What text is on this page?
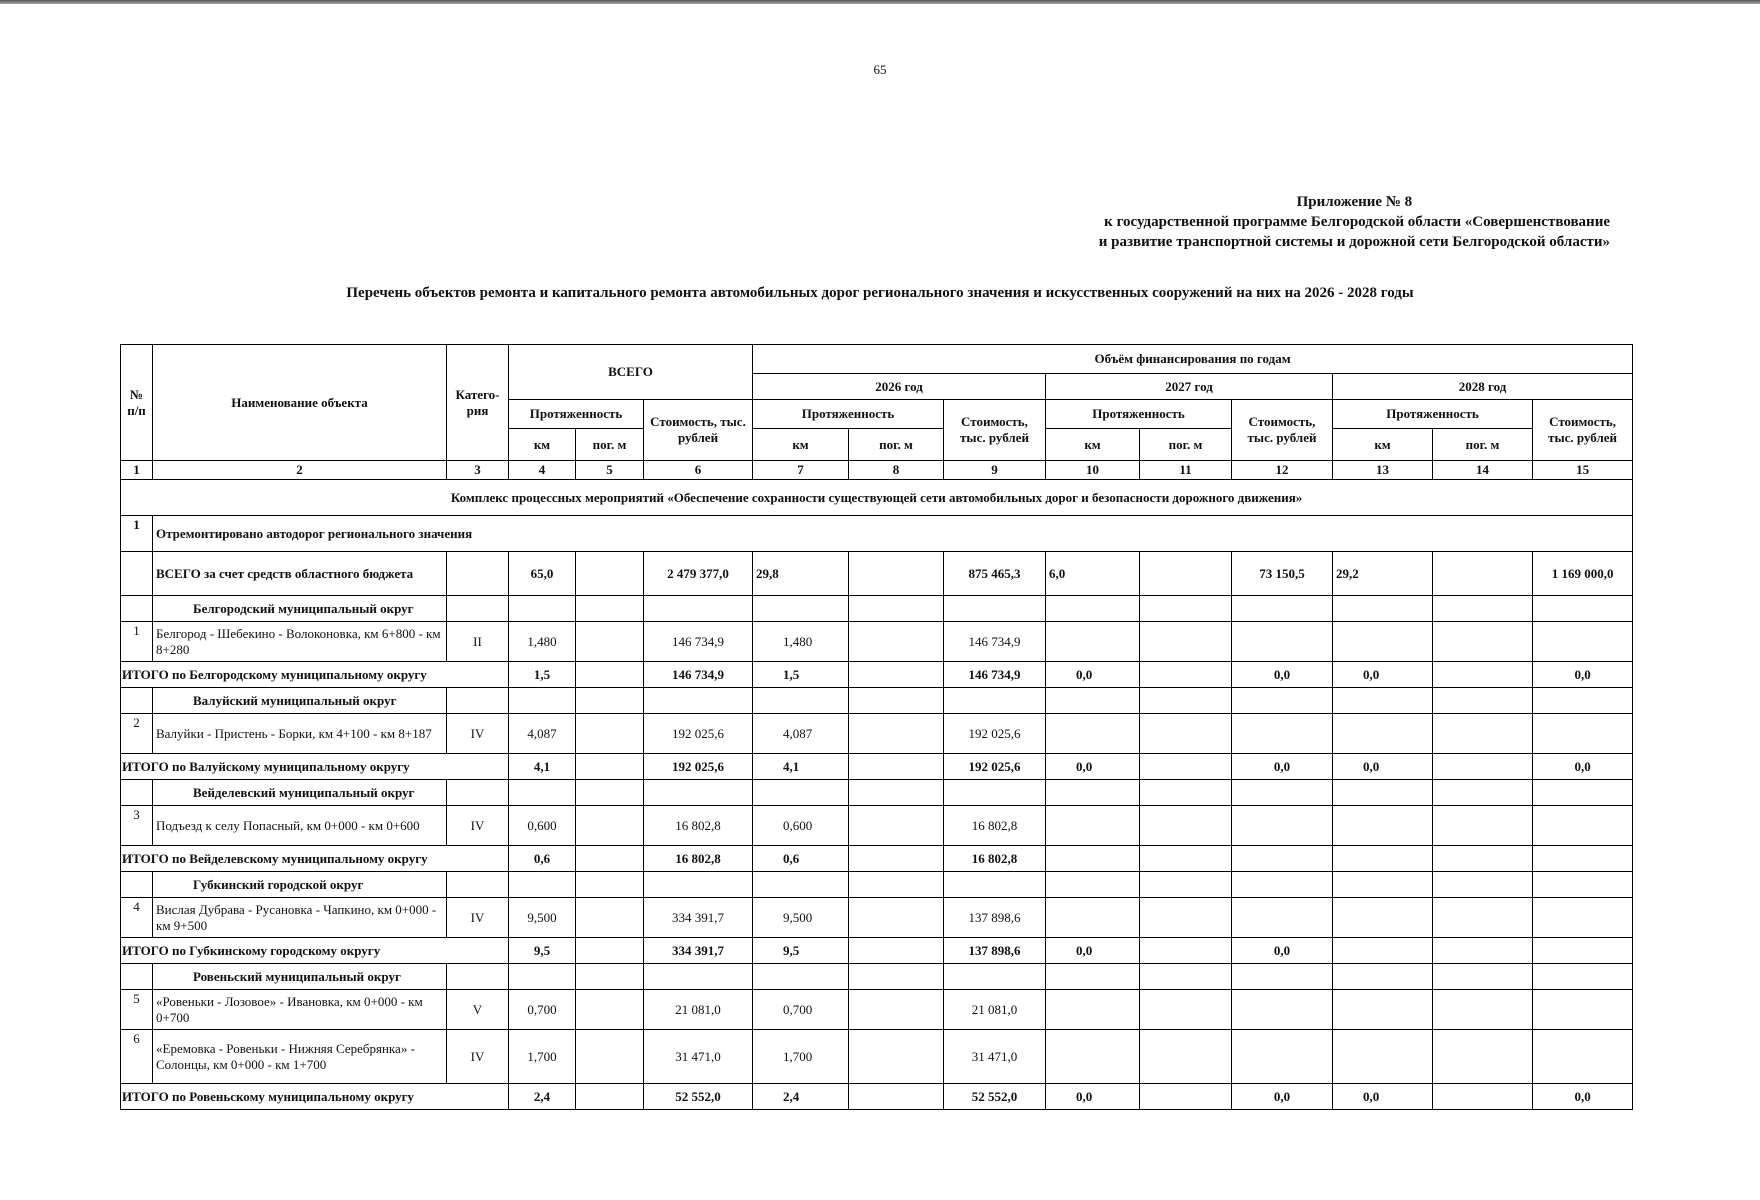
65
Приложение № 8
к государственной программе Белгородской области «Совершенствование
и развитие транспортной системы и дорожной сети Белгородской области»
Перечень объектов ремонта и капитального ремонта автомобильных дорог регионального значения и искусственных сооружений на них на 2026 - 2028 годы
№ п/п	Наименование объекта	Катего-рия	ВСЕГО			Объём финансирования по годам								
						2026 год			2027 год			2028 год		
			Протяженность		Стоимость, тыс. рублей	Протяженность		Стоимость, тыс. рублей	Протяженность		Стоимость, тыс. рублей	Протяженность		Стоимость, тыс. рублей
			км	пог. м		км	пог. м		км	пог. м		км	пог. м	
1	2	3	4	5	6	7	8	9	10	11	12	13	14	15
Комплекс процессных мероприятий «Обеспечение сохранности существующей сети автомобильных дорог и безопасности дорожного движения»														
1	Отремонтировано автодорог регионального значения													
	ВСЕГО за счет средств областного бюджета		65,0		2 479 377,0	29,8		875 465,3	6,0		73 150,5	29,2		1 169 000,0
	Белгородский муниципальный округ													
1	Белгород - Шебекино - Волоконовка, км 6+800 - км 8+280	II	1,480		146 734,9	1,480		146 734,9						
ИТОГО по Белгородскому муниципальному округу			1,5		146 734,9	1,5		146 734,9	0,0		0,0	0,0		0,0
	Валуйский муниципальный округ													
2	Валуйки - Пристень - Борки, км 4+100 - км 8+187	IV	4,087		192 025,6	4,087		192 025,6						
ИТОГО по Валуйскому муниципальному округу			4,1		192 025,6	4,1		192 025,6	0,0		0,0	0,0		0,0
	Вейделевский муниципальный округ													
3	Подъезд к селу Попасный, км 0+000 - км 0+600	IV	0,600		16 802,8	0,600		16 802,8						
ИТОГО по Вейделевскому муниципальному округу			0,6		16 802,8	0,6		16 802,8						
	Губкинский городской округ													
4	Вислая Дубрава - Русановка - Чапкино, км 0+000 - км 9+500	IV	9,500		334 391,7	9,500		137 898,6						
ИТОГО по Губкинскому городскому округу			9,5		334 391,7	9,5		137 898,6	0,0		0,0			
	Ровеньский муниципальный округ													
5	«Ровеньки - Лозовое» - Ивановка, км 0+000 - км 0+700	V	0,700		21 081,0	0,700		21 081,0						
6	«Еремовка - Ровеньки - Нижняя Серебрянка» - Солонцы, км 0+000 - км 1+700	IV	1,700		31 471,0	1,700		31 471,0						
ИТОГО по Ровеньскому муниципальному округу			2,4		52 552,0	2,4		52 552,0	0,0		0,0	0,0		0,0
